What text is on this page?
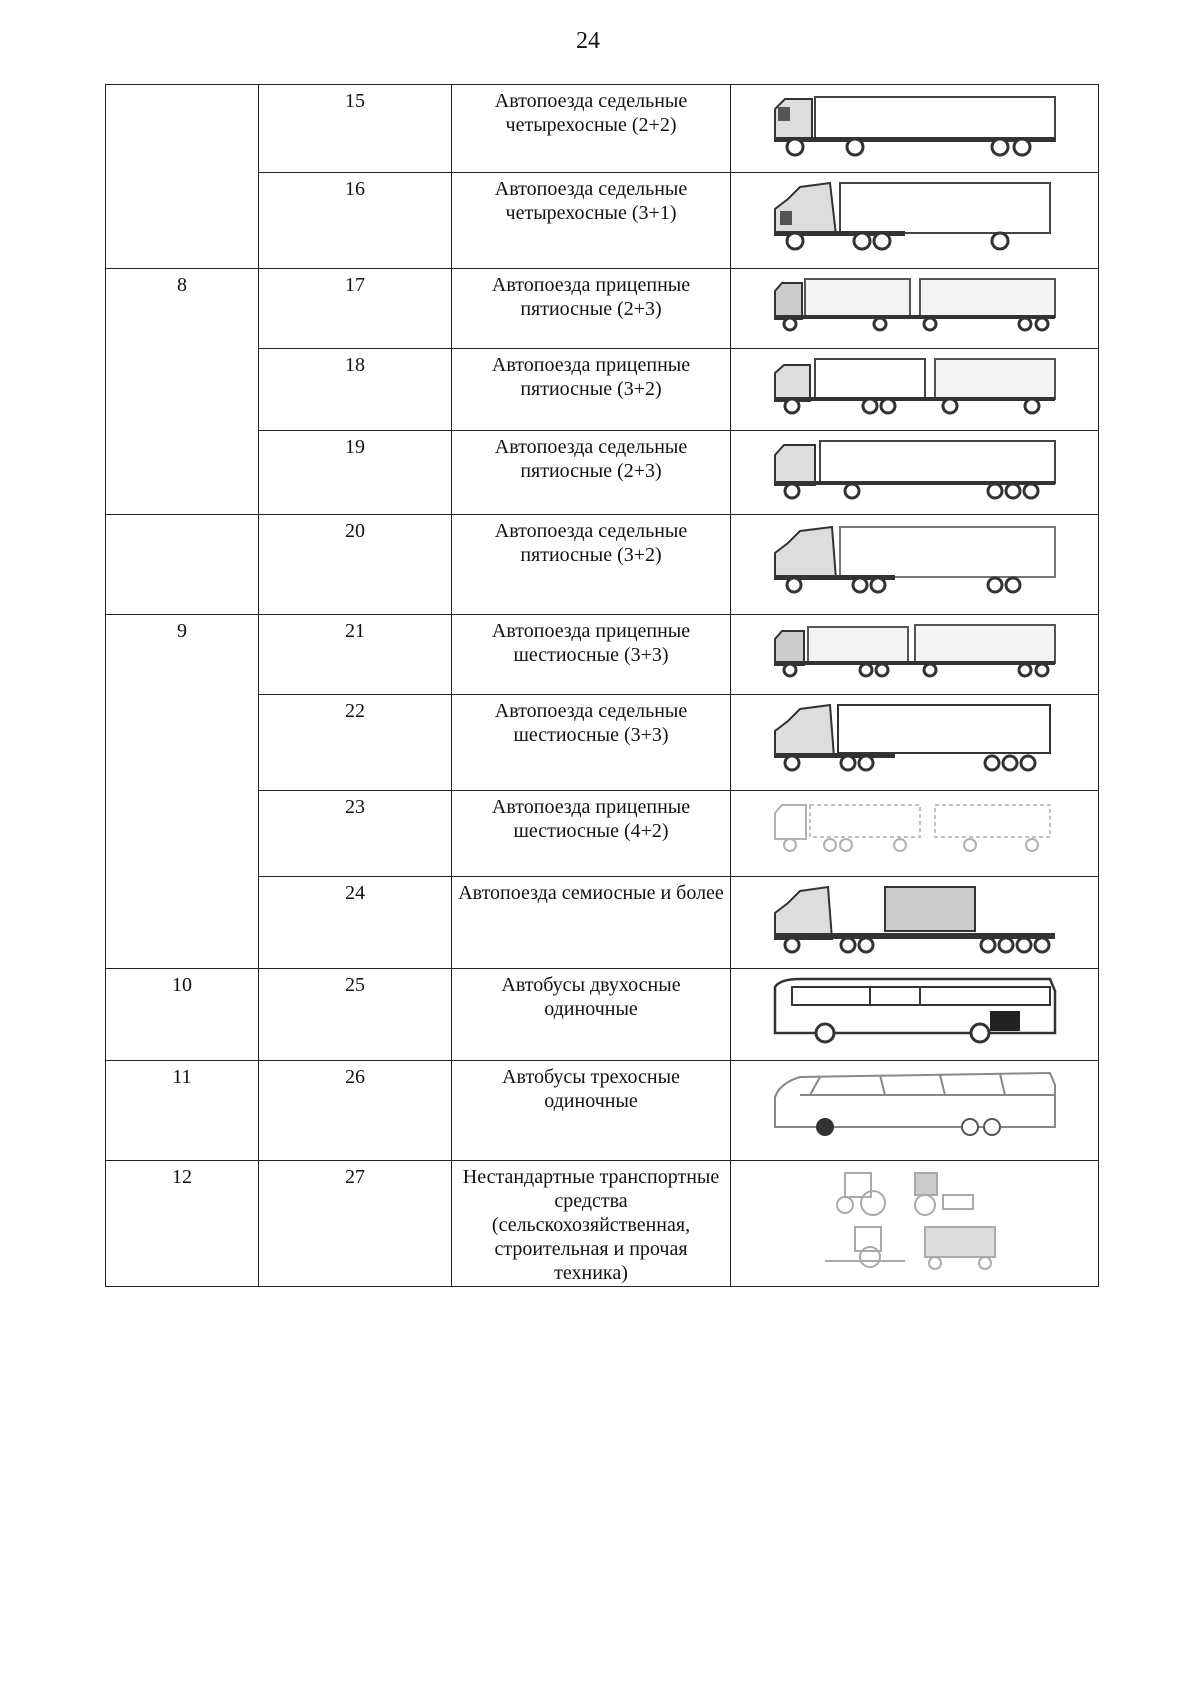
24
	15	Автопоезда седельные четырехосные (2+2)	

	16	Автопоезда седельные четырехосные (3+1)	

8	17	Автопоезда прицепные пятиосные (2+3)	

	18	Автопоезда прицепные пятиосные (3+2)	

	19	Автопоезда седельные пятиосные (2+3)	

	20	Автопоезда седельные пятиосные (3+2)	

9	21	Автопоезда прицепные шестиосные (3+3)	

	22	Автопоезда седельные шестиосные (3+3)	

	23	Автопоезда прицепные шестиосные (4+2)	

	24	Автопоезда семиосные и более	

10	25	Автобусы двухосные одиночные	

11	26	Автобусы трехосные одиночные	

12	27	Нестандартные транспортные средства (сельскохозяйственная, строительная и прочая техника)	
